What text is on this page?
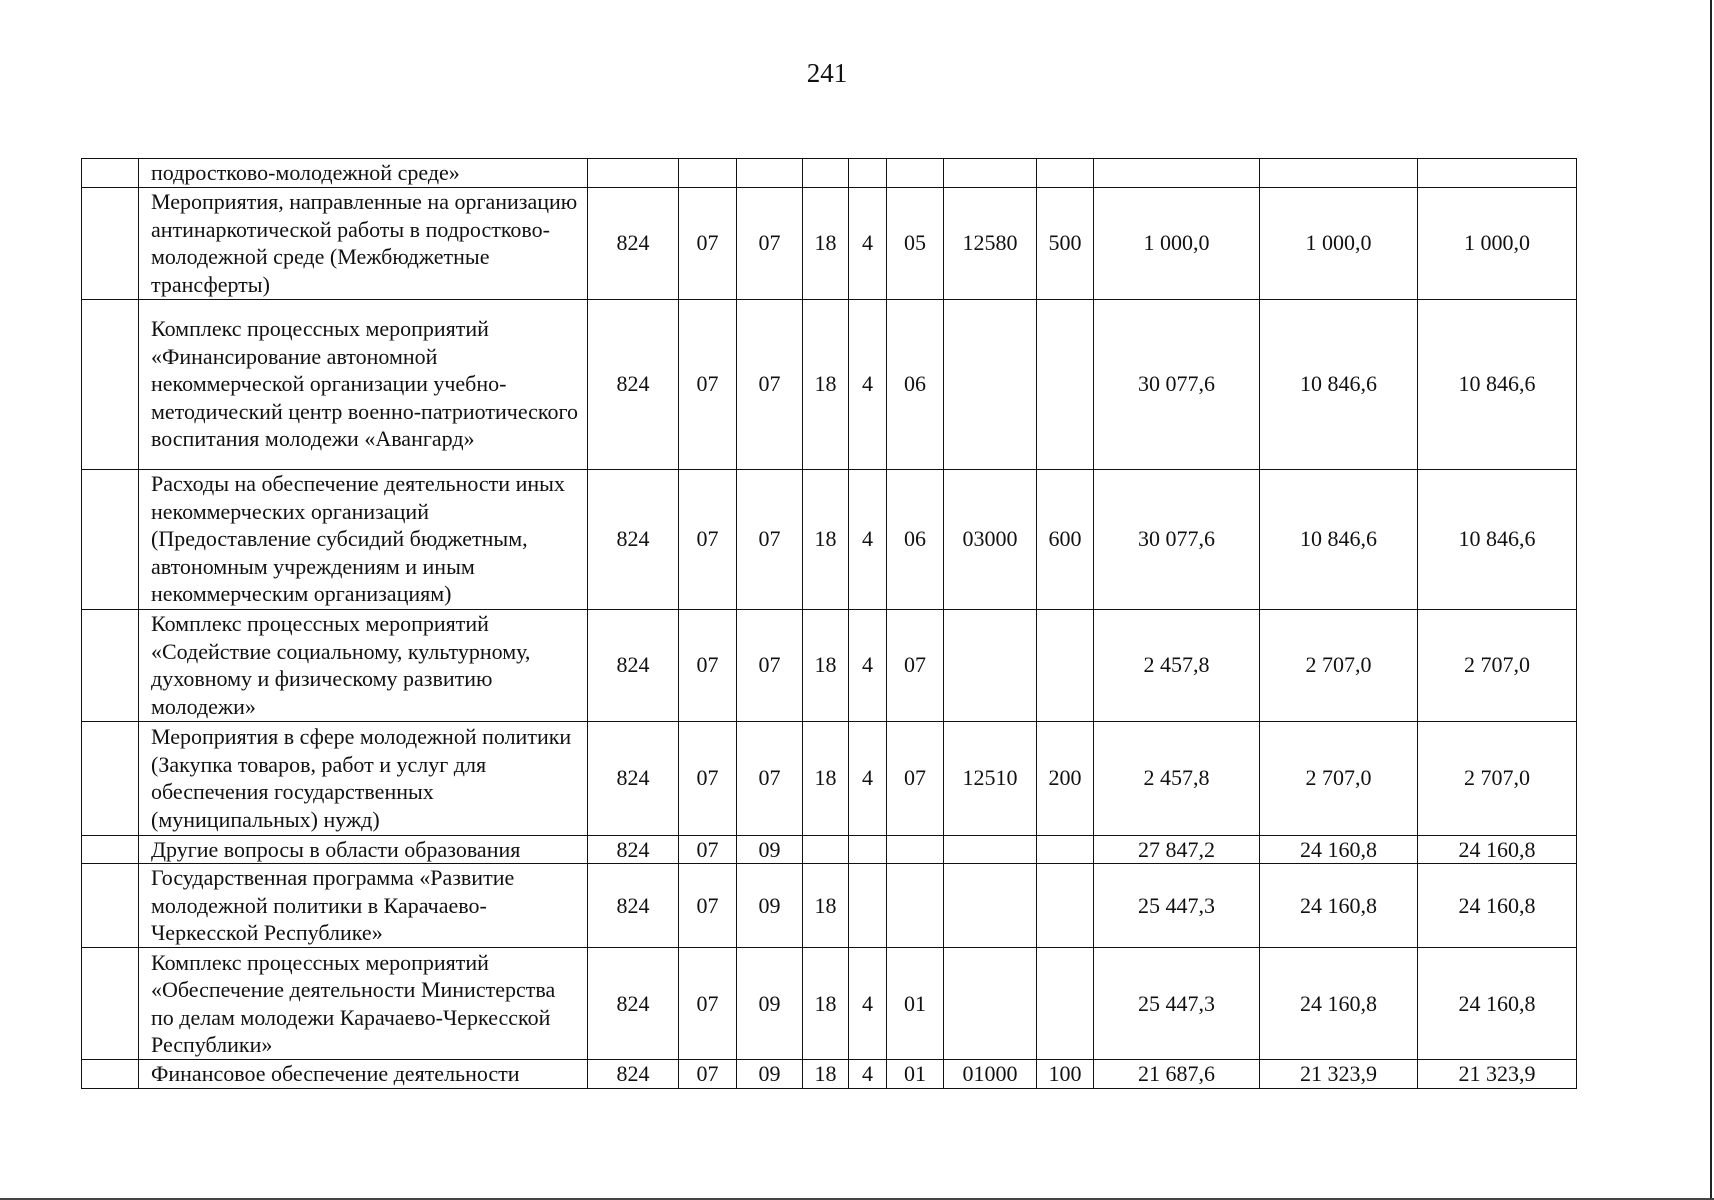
241
	подростково-молодежной среде»											
	Мероприятия, направленные на организацию антинаркотической работы в подростково-молодежной среде (Межбюджетные трансферты)	824	07	07	18	4	05	12580	500	1 000,0	1 000,0	1 000,0
	Комплекс процессных мероприятий «Финансирование автономной некоммерческой организации учебно-методический центр военно-патриотического воспитания молодежи «Авангард»	824	07	07	18	4	06			30 077,6	10 846,6	10 846,6
	Расходы на обеспечение деятельности иных некоммерческих организаций (Предоставление субсидий бюджетным, автономным учреждениям и иным некоммерческим организациям)	824	07	07	18	4	06	03000	600	30 077,6	10 846,6	10 846,6
	Комплекс процессных мероприятий «Содействие социальному, культурному, духовному и физическому развитию молодежи»	824	07	07	18	4	07			2 457,8	2 707,0	2 707,0
	Мероприятия в сфере молодежной политики (Закупка товаров, работ и услуг для обеспечения государственных (муниципальных) нужд)	824	07	07	18	4	07	12510	200	2 457,8	2 707,0	2 707,0
	Другие вопросы в области образования	824	07	09						27 847,2	24 160,8	24 160,8
	Государственная программа «Развитие молодежной политики в Карачаево-Черкесской Республике»	824	07	09	18					25 447,3	24 160,8	24 160,8
	Комплекс процессных мероприятий «Обеспечение деятельности Министерства по делам молодежи Карачаево-Черкесской Республики»	824	07	09	18	4	01			25 447,3	24 160,8	24 160,8
	Финансовое обеспечение деятельности	824	07	09	18	4	01	01000	100	21 687,6	21 323,9	21 323,9
